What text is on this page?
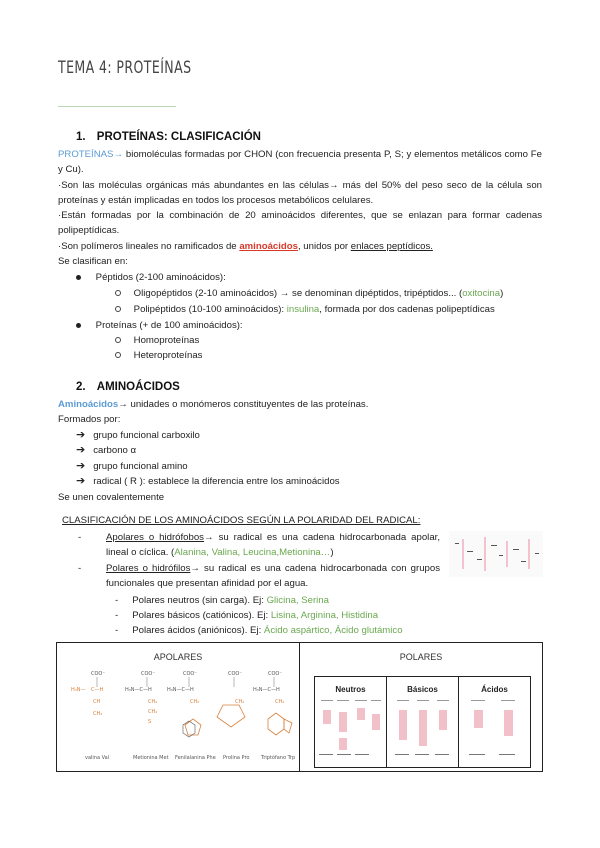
TEMA 4: PROTEÍNAS
1. PROTEÍNAS: CLASIFICACIÓN
PROTEÍNAS→ biomoléculas formadas por CHON (con frecuencia presenta P, S; y elementos metálicos como Fe y Cu).
·Son las moléculas orgánicas más abundantes en las células→ más del 50% del peso seco de la célula son proteínas y están implicadas en todos los procesos metabólicos celulares.
·Están formadas por la combinación de 20 aminoácidos diferentes, que se enlazan para formar cadenas polipeptídicas.
·Son polímeros lineales no ramificados de aminoácidos, unidos por enlaces peptídicos.
Se clasifican en:
Péptidos (2-100 aminoácidos):
Oligopéptidos (2-10 aminoácidos) → se denominan dipéptidos, tripéptidos... (oxitocina)
Polipéptidos (10-100 aminoácidos): insulina, formada por dos cadenas polipeptídicas
Proteínas (+ de 100 aminoácidos):
Homoproteínas
Heteroproteínas
2. AMINOÁCIDOS
Aminoácidos→ unidades o monómeros constituyentes de las proteínas.
Formados por:
➔ grupo funcional carboxilo
➔ carbono α
➔ grupo funcional amino
➔ radical ( R ): establece la diferencia entre los aminoácidos
Se unen covalentemente
CLASIFICACIÓN DE LOS AMINOÁCIDOS SEGÚN LA POLARIDAD DEL RADICAL:
-	Apolares o hidrófobos→ su radical es una cadena hidrocarbonada apolar, lineal o cíclica. (Alanina, Valina, Leucina,Metionina…)
-	Polares o hidrófilos→ su radical es una cadena hidrocarbonada con grupos funcionales que presentan afinidad por el agua.
- Polares neutros (sin carga). Ej: Glicina, Serina
- Polares básicos (catiónicos). Ej: Lisina, Arginina, Histidina
- Polares ácidos (aniónicos). Ej: Ácido aspártico, Ácido glutámico
APOLARES
COO⁻	COO⁻	COO⁻	COO⁻	COO⁻
H₃N— C—H
CH
CH₃
CH₂
CH₂
S
CH₂	CH₂	CH₂
H₃N—C—H	H₃N—C—H	H₃N—C—H
valina Val	Metionina Met Fenilalanina Phe Prolina Pro Triptófano Trp
POLARES
Neutros	Básicos	Ácidos
